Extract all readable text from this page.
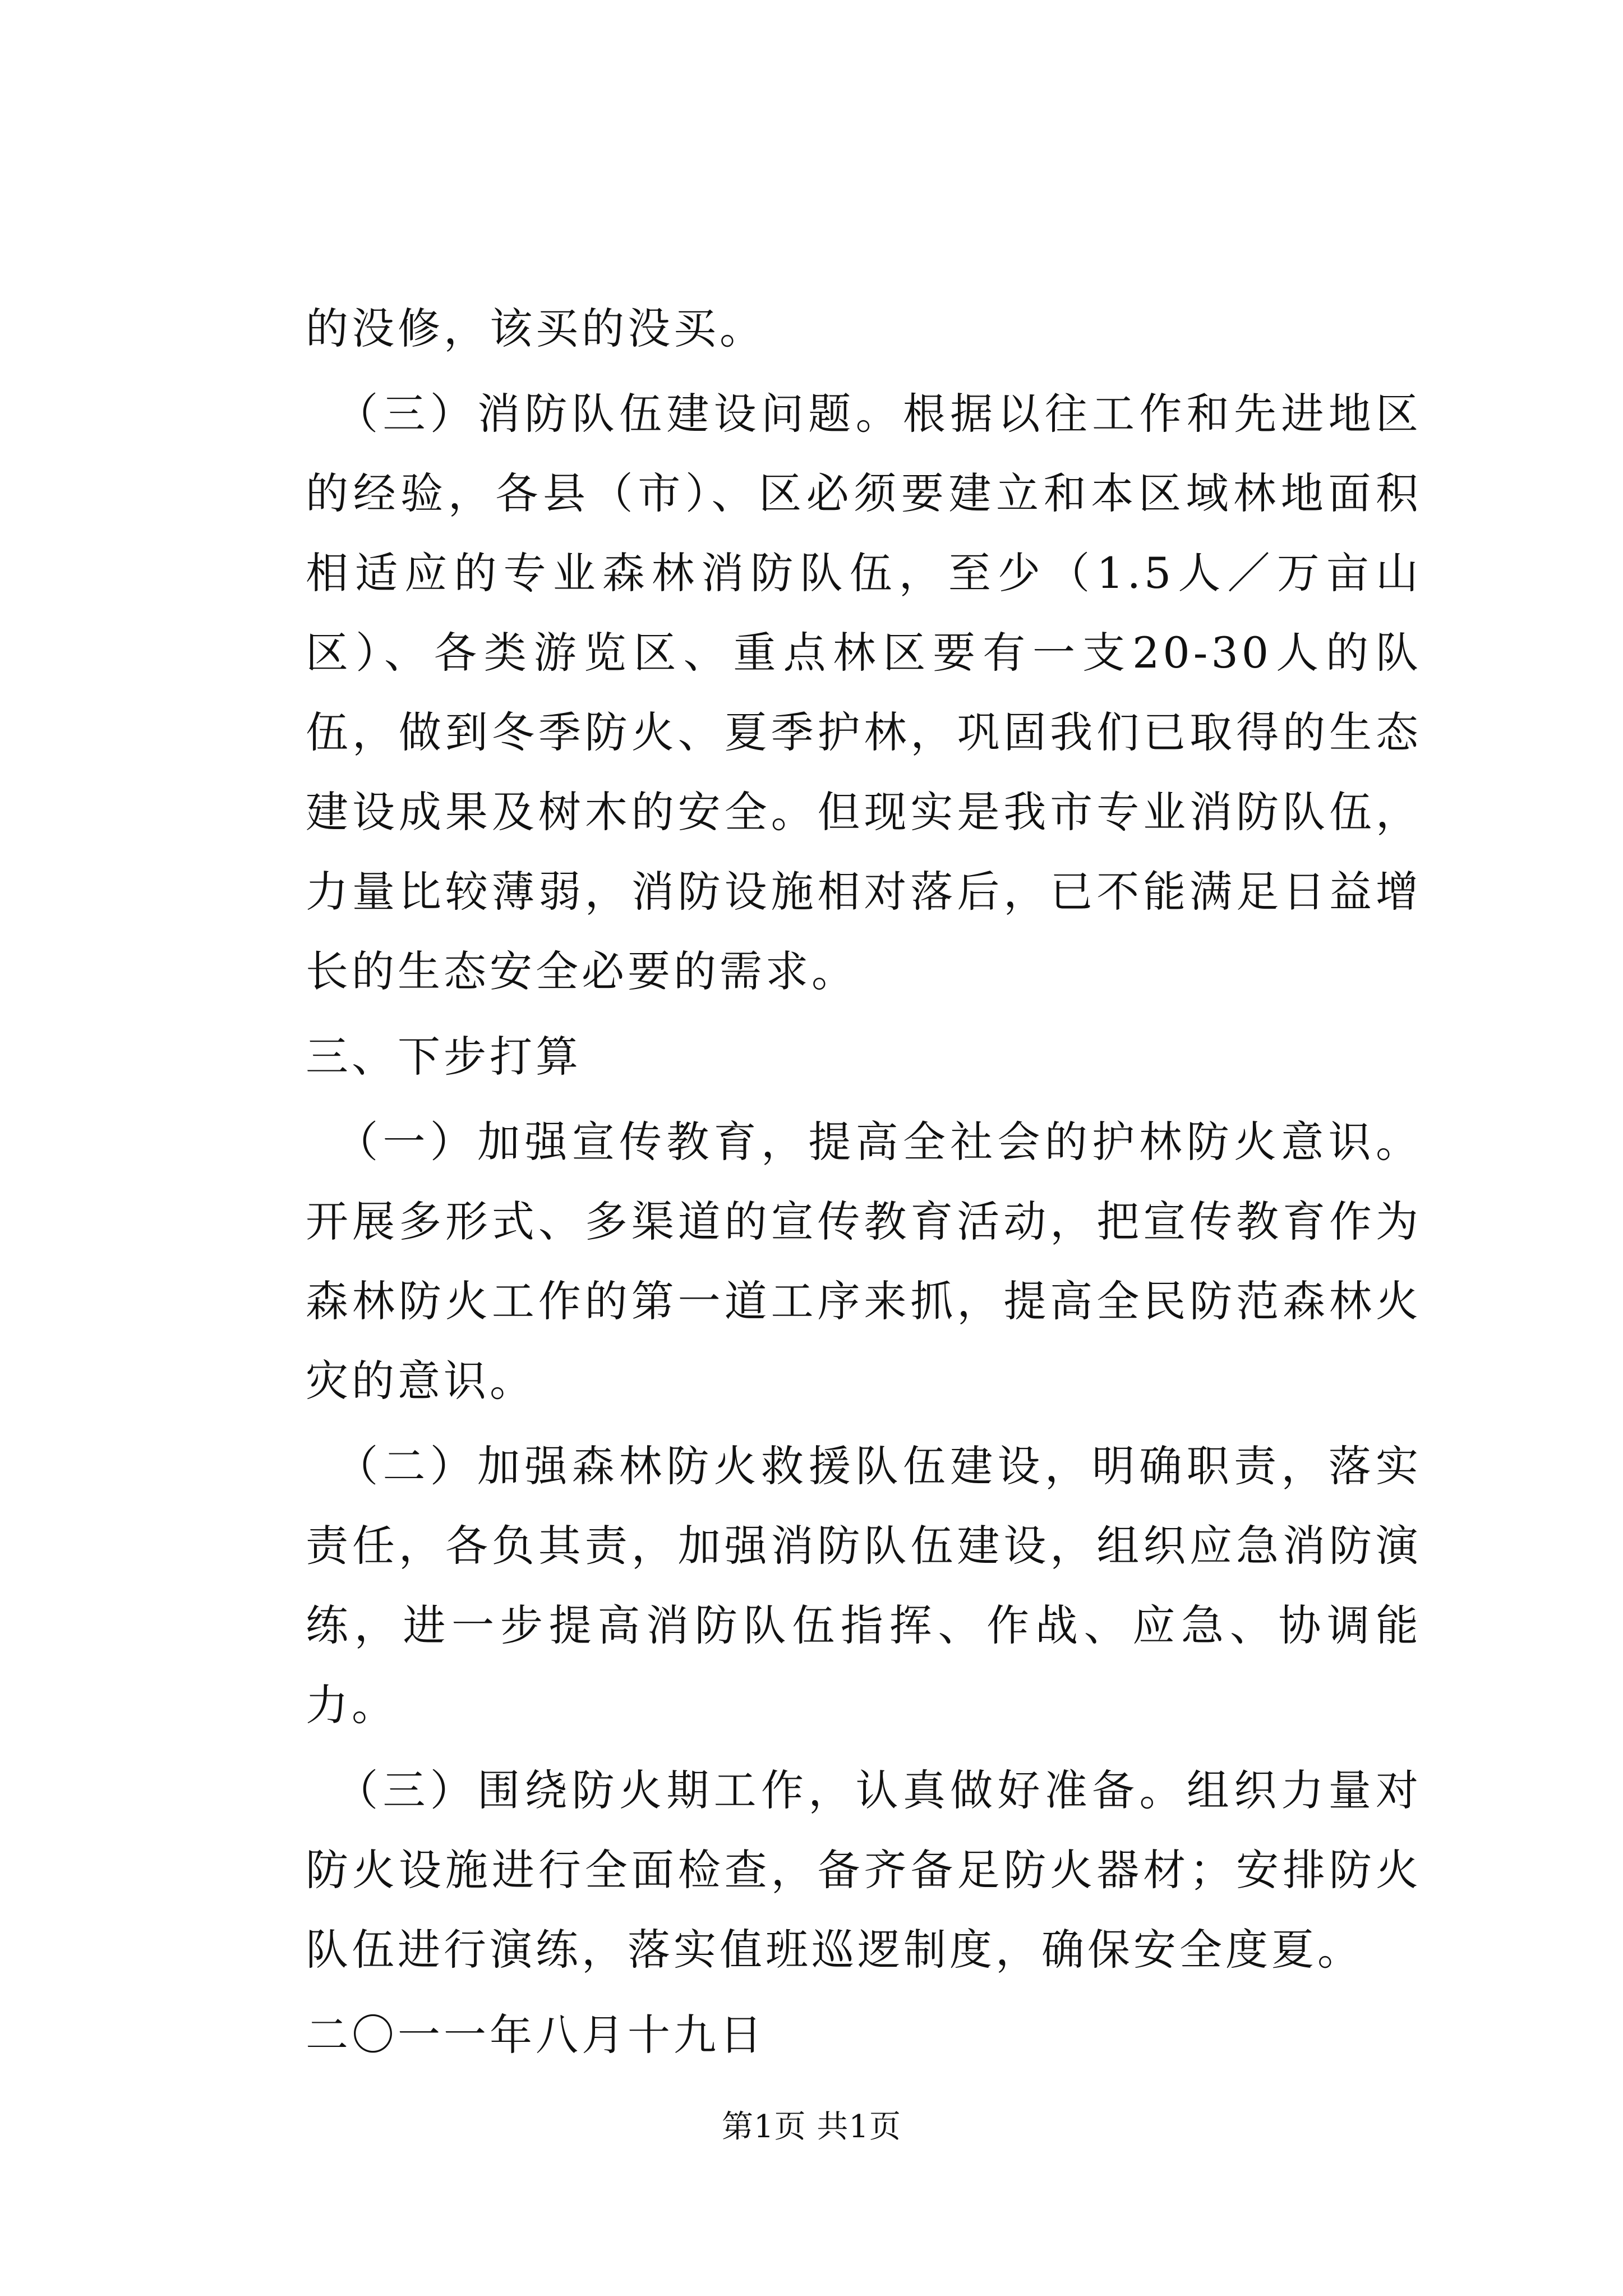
的没修，该买的没买。

（三）消防队伍建设问题。根据以往工作和先进地区的经验，各县（市）、区必须要建立和本区域林地面积相适应的专业森林消防队伍，至少（1.5人／万亩山区）、各类游览区、重点林区要有一支20-30人的队伍，做到冬季防火、夏季护林，巩固我们已取得的生态建设成果及树木的安全。但现实是我市专业消防队伍，力量比较薄弱，消防设施相对落后，已不能满足日益增长的生态安全必要的需求。

三、下步打算

（一）加强宣传教育，提高全社会的护林防火意识。开展多形式、多渠道的宣传教育活动，把宣传教育作为森林防火工作的第一道工序来抓，提高全民防范森林火灾的意识。

（二）加强森林防火救援队伍建设，明确职责，落实责任，各负其责，加强消防队伍建设，组织应急消防演练，进一步提高消防队伍指挥、作战、应急、协调能力。

（三）围绕防火期工作，认真做好准备。组织力量对防火设施进行全面检查，备齐备足防火器材；安排防火队伍进行演练，落实值班巡逻制度，确保安全度夏。

二〇一一年八月十九日

第1页 共1页
